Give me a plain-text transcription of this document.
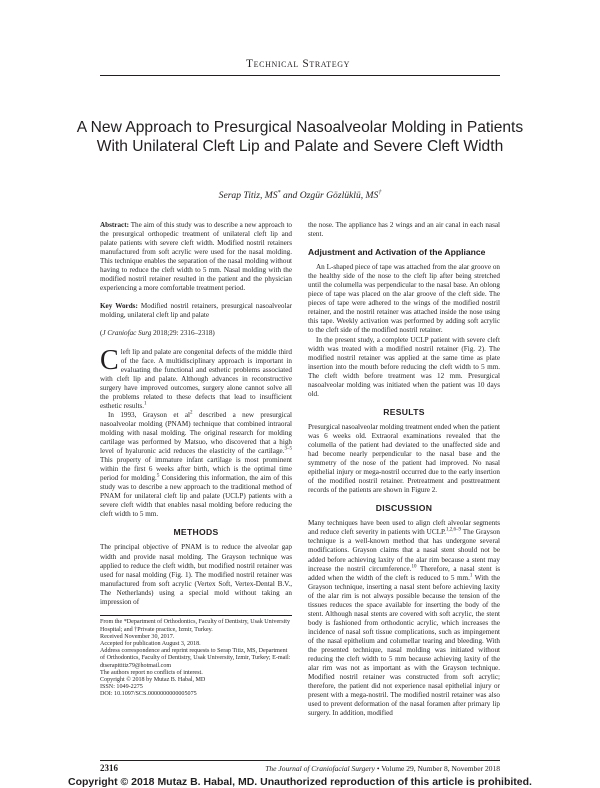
Technical Strategy
A New Approach to Presurgical Nasoalveolar Molding in Patients With Unilateral Cleft Lip and Palate and Severe Cleft Width
Serap Titiz, MS* and Ozgür Gözlüklü, MS†

Abstract: The aim of this study was to describe a new approach to the presurgical orthopedic treatment of unilateral cleft lip and palate patients with severe cleft width. Modified nostril retainers manufactured from soft acrylic were used for the nasal molding. This technique enables the separation of the nasal molding without having to reduce the cleft width to 5 mm. Nasal molding with the modified nostril retainer resulted in the patient and the physician experiencing a more comfortable treatment period.

Key Words: Modified nostril retainers, presurgical nasoalveolar molding, unilateral cleft lip and palate

(J Craniofac Surg 2018;29: 2316–2318)

Cleft lip and palate are congenital defects of the middle third of the face. A multidisciplinary approach is important in evaluating the functional and esthetic problems associated with cleft lip and palate. Although advances in reconstructive surgery have improved outcomes, surgery alone cannot solve all the problems related to these defects that lead to insufficient esthetic results.$^1$

In 1993, Grayson et $al^2$ described a new presurgical nasoalveolar molding (PNAM) technique that combined intraoral molding with nasal molding. The original research for molding cartilage was performed by Matsuo, who discovered that a high level of hyaluronic acid reduces the elasticity of the cartilage.$^{3-5}$ This property of immature infant cartilage is most prominent within the first 6 weeks after birth, which is the optimal time period for molding.$^5$ Considering this information, the aim of this study was to describe a new approach to the traditional method of PNAM for unilateral cleft lip and palate (UCLP) patients with a severe cleft width that enables nasal molding before reducing the cleft width to 5 mm.

METHODS

The principal objective of PNAM is to reduce the alveolar gap width and provide nasal molding. The Grayson technique was applied to reduce the cleft width, but modified nostril retainer was used for nasal molding (Fig. 1). The modified nostril retainer was manufactured from soft acrylic (Vertex Soft, Vertex-Dental B.V., The Netherlands) using a special mold without taking an impression of

From the *Department of Orthodontics, Faculty of Dentistry, Usak University Hospital; and †Private practice, Izmir, Turkey.
Received November 30, 2017.
Accepted for publication August 3, 2018.
Address correspondence and reprint requests to Serap Titiz, MS, Department of Orthodontics, Faculty of Dentistry, Usak University, Izmir, Turkey; E-mail: dtserapititiz79@hotmail.com
The authors report no conflicts of interest.
Copyright © 2018 by Mutaz B. Habal, MD
ISSN: 1049-2275
DOI: 10.1097/SCS.0000000000005075

the nose. The appliance has 2 wings and an air canal in each nasal stent.

Adjustment and Activation of the Appliance

An L-shaped piece of tape was attached from the alar groove on the healthy side of the nose to the cleft lip after being stretched until the columella was perpendicular to the nasal base. An oblong piece of tape was placed on the alar groove of the cleft side. The pieces of tape were adhered to the wings of the modified nostril retainer, and the nostril retainer was attached inside the nose using this tape. Weekly activation was performed by adding soft acrylic to the cleft side of the modified nostril retainer.

In the present study, a complete UCLP patient with severe cleft width was treated with a modified nostril retainer (Fig. 2). The modified nostril retainer was applied at the same time as plate insertion into the mouth before reducing the cleft width to 5 mm. The cleft width before treatment was 12 mm. Presurgical nasoalveolar molding was initiated when the patient was 10 days old.

RESULTS

Presurgical nasoalveolar molding treatment ended when the patient was 6 weeks old. Extraoral examinations revealed that the columella of the patient had deviated to the unaffected side and had become nearly perpendicular to the nasal base and the symmetry of the nose of the patient had improved. No nasal epithelial injury or mega-nostril occurred due to the early insertion of the modified nostril retainer. Pretreatment and posttreatment records of the patients are shown in Figure 2.

DISCUSSION

Many techniques have been used to align cleft alveolar segments and reduce cleft severity in patients with UCLP.$^{1,2,6-9}$ The Grayson technique is a well-known method that has undergone several modifications. Grayson claims that a nasal stent should not be added before achieving laxity of the alar rim because a stent may increase the nostril circumference.$^{10}$ Therefore, a nasal stent is added when the width of the cleft is reduced to 5 mm.$^1$ With the Grayson technique, inserting a nasal stent before achieving laxity of the alar rim is not always possible because the tension of the tissues reduces the space available for inserting the body of the stent. Although nasal stents are covered with soft acrylic, the stent body is fashioned from orthodontic acrylic, which increases the incidence of nasal soft tissue complications, such as impingement of the nasal epithelium and columellar tearing and bleeding. With the presented technique, nasal molding was initiated without reducing the cleft width to 5 mm because achieving laxity of the alar rim was not as important as with the Grayson technique. Modified nostril retainer was constructed from soft acrylic; therefore, the patient did not experience nasal epithelial injury or present with a mega-nostril. The modified nostril retainer was also used to prevent deformation of the nasal foramen after primary lip surgery. In addition, modified

2316	The Journal of Craniofacial Surgery • Volume 29, Number 8, November 2018
Copyright © 2018 Mutaz B. Habal, MD. Unauthorized reproduction of this article is prohibited.
